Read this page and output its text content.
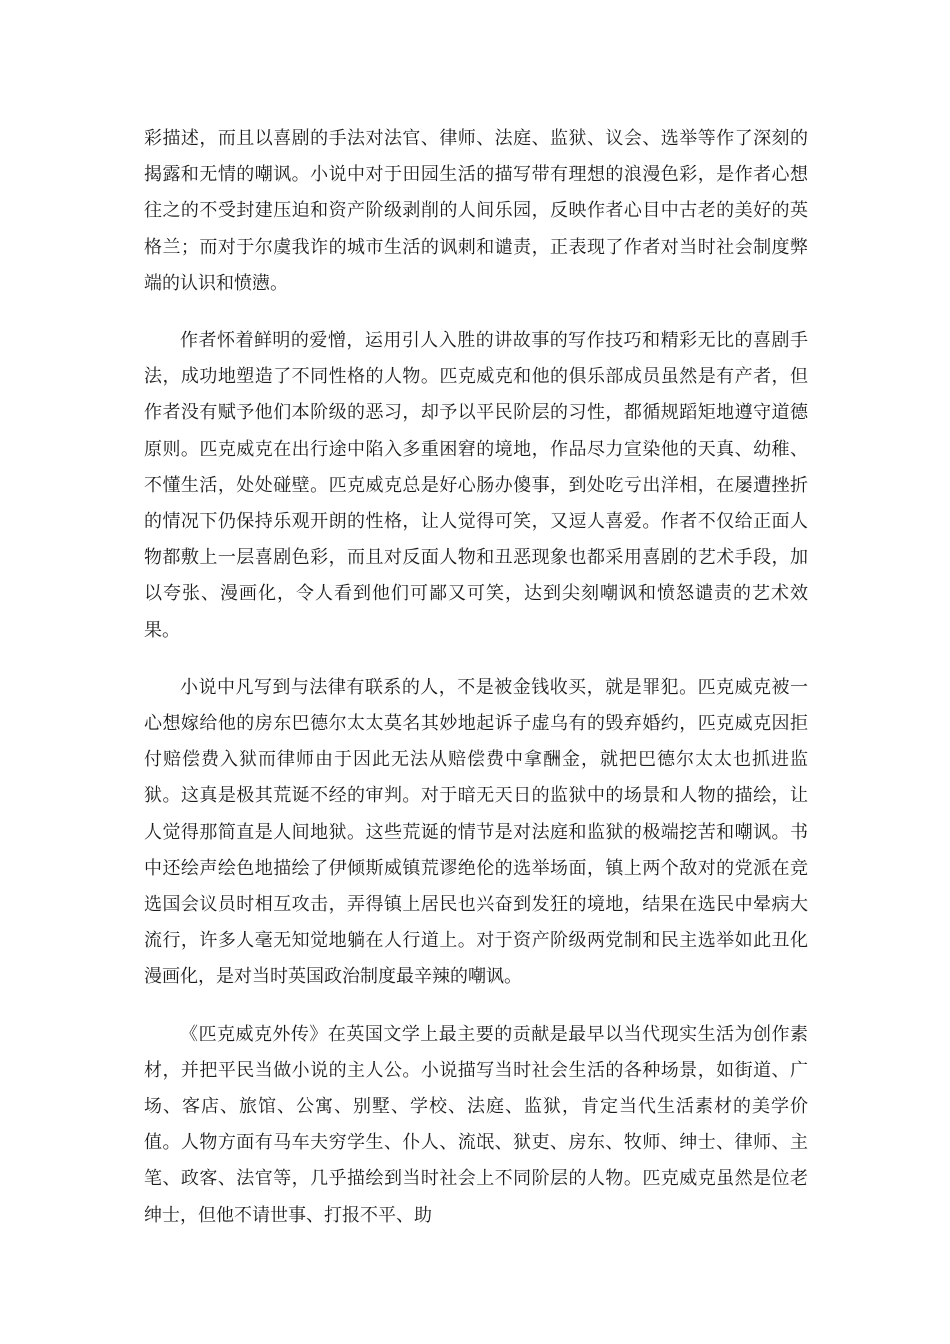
彩描述，而且以喜剧的手法对法官、律师、法庭、监狱、议会、选举等作了深刻的揭露和无情的嘲讽。小说中对于田园生活的描写带有理想的浪漫色彩，是作者心想往之的不受封建压迫和资产阶级剥削的人间乐园，反映作者心目中古老的美好的英格兰；而对于尔虞我诈的城市生活的讽刺和谴责，正表现了作者对当时社会制度弊端的认识和愤懑。

作者怀着鲜明的爱憎，运用引人入胜的讲故事的写作技巧和精彩无比的喜剧手法，成功地塑造了不同性格的人物。匹克威克和他的俱乐部成员虽然是有产者，但作者没有赋予他们本阶级的恶习，却予以平民阶层的习性，都循规蹈矩地遵守道德原则。匹克威克在出行途中陷入多重困窘的境地，作品尽力宣染他的天真、幼稚、不懂生活，处处碰壁。匹克威克总是好心肠办傻事，到处吃亏出洋相，在屡遭挫折的情况下仍保持乐观开朗的性格，让人觉得可笑，又逗人喜爱。作者不仅给正面人物都敷上一层喜剧色彩，而且对反面人物和丑恶现象也都采用喜剧的艺术手段，加以夸张、漫画化，令人看到他们可鄙又可笑，达到尖刻嘲讽和愤怒谴责的艺术效果。

小说中凡写到与法律有联系的人，不是被金钱收买，就是罪犯。匹克威克被一心想嫁给他的房东巴德尔太太莫名其妙地起诉子虚乌有的毁弃婚约，匹克威克因拒付赔偿费入狱而律师由于因此无法从赔偿费中拿酬金，就把巴德尔太太也抓进监狱。这真是极其荒诞不经的审判。对于暗无天日的监狱中的场景和人物的描绘，让人觉得那简直是人间地狱。这些荒诞的情节是对法庭和监狱的极端挖苦和嘲讽。书中还绘声绘色地描绘了伊倾斯威镇荒谬绝伦的选举场面，镇上两个敌对的党派在竞选国会议员时相互攻击，弄得镇上居民也兴奋到发狂的境地，结果在选民中晕病大流行，许多人毫无知觉地躺在人行道上。对于资产阶级两党制和民主选举如此丑化漫画化，是对当时英国政治制度最辛辣的嘲讽。

《匹克威克外传》在英国文学上最主要的贡献是最早以当代现实生活为创作素材，并把平民当做小说的主人公。小说描写当时社会生活的各种场景，如街道、广场、客店、旅馆、公寓、别墅、学校、法庭、监狱，肯定当代生活素材的美学价值。人物方面有马车夫穷学生、仆人、流氓、狱吏、房东、牧师、绅士、律师、主笔、政客、法官等，几乎描绘到当时社会上不同阶层的人物。匹克威克虽然是位老绅士，但他不请世事、打报不平、助
